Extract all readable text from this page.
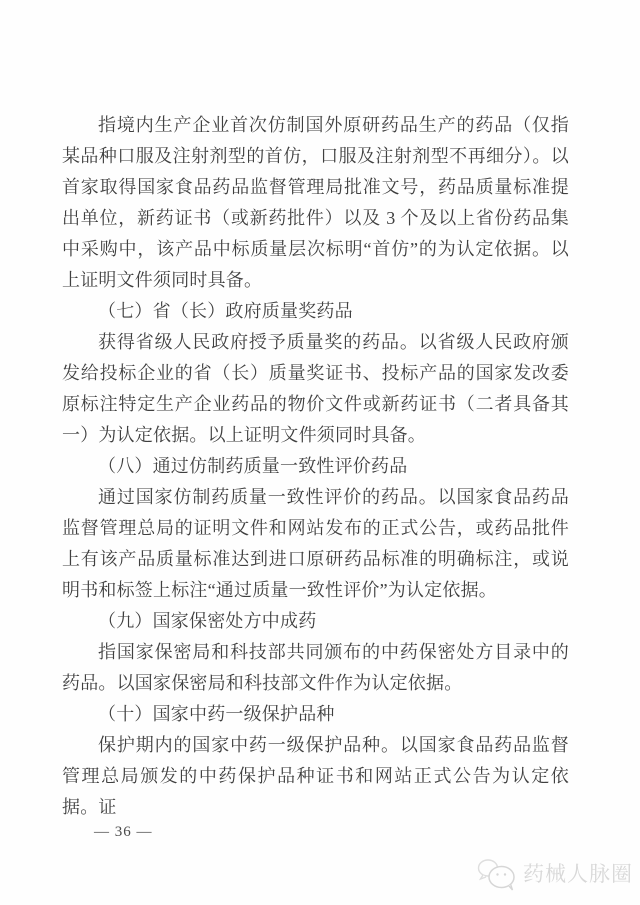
指境内生产企业首次仿制国外原研药品生产的药品（仅指某品种口服及注射剂型的首仿，口服及注射剂型不再细分）。以首家取得国家食品药品监督管理局批准文号，药品质量标准提出单位，新药证书（或新药批件）以及 3 个及以上省份药品集中采购中，该产品中标质量层次标明“首仿”的为认定依据。以上证明文件须同时具备。

（七）省（长）政府质量奖药品

获得省级人民政府授予质量奖的药品。以省级人民政府颁发给投标企业的省（长）质量奖证书、投标产品的国家发改委原标注特定生产企业药品的物价文件或新药证书（二者具备其一）为认定依据。以上证明文件须同时具备。

（八）通过仿制药质量一致性评价药品

通过国家仿制药质量一致性评价的药品。以国家食品药品监督管理总局的证明文件和网站发布的正式公告，或药品批件上有该产品质量标准达到进口原研药品标准的明确标注，或说明书和标签上标注“通过质量一致性评价”为认定依据。

（九）国家保密处方中成药

指国家保密局和科技部共同颁布的中药保密处方目录中的药品。以国家保密局和科技部文件作为认定依据。

（十）国家中药一级保护品种

保护期内的国家中药一级保护品种。以国家食品药品监督管理总局颁发的中药保护品种证书和网站正式公告为认定依据。证

— 36 —
药械人脉圈
